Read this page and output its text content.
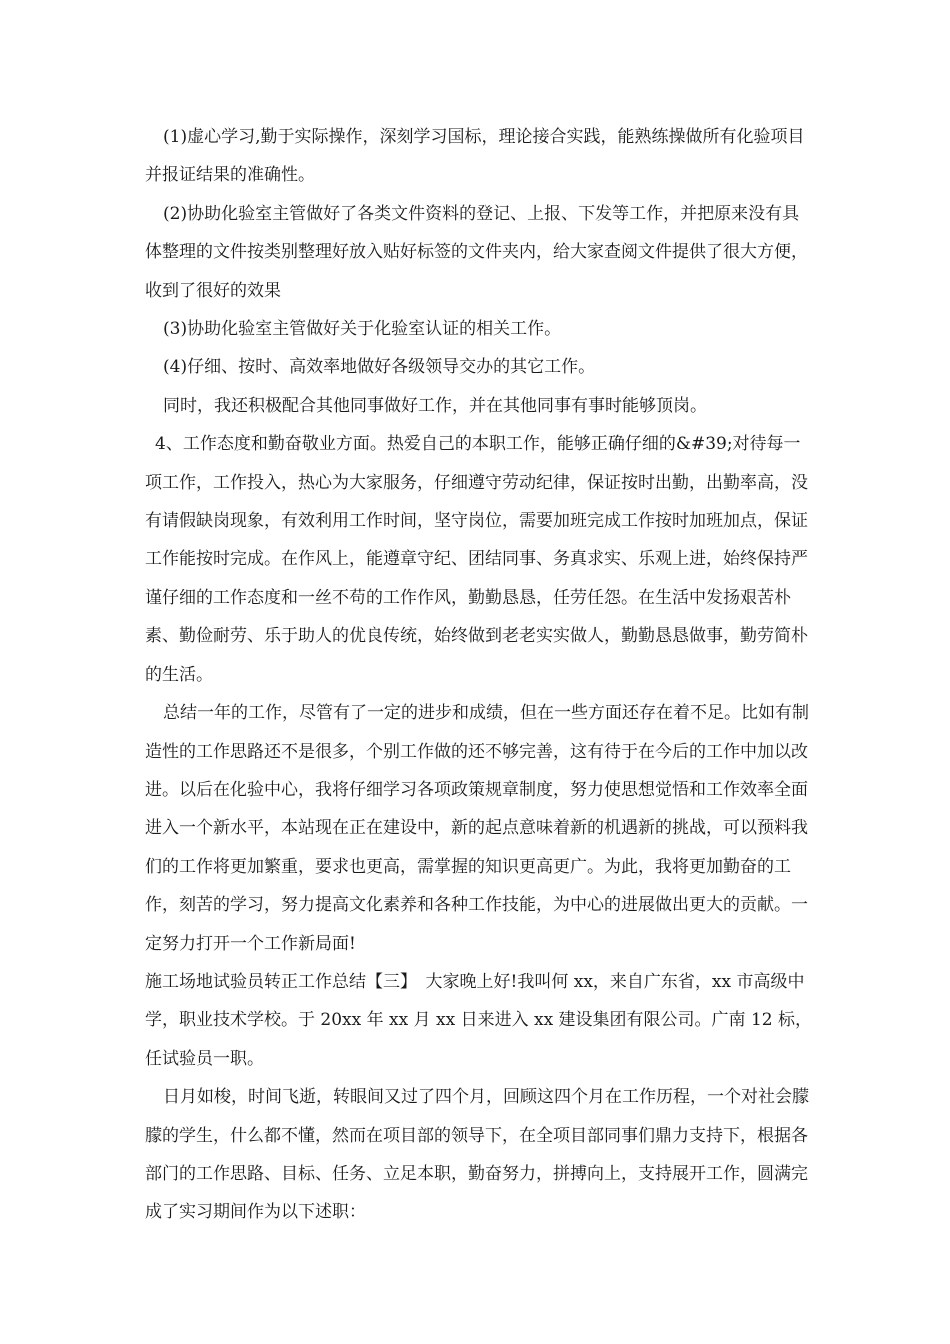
(1)虚心学习,勤于实际操作，深刻学习国标，理论接合实践，能熟练操做所有化验项目并报证结果的准确性。

(2)协助化验室主管做好了各类文件资料的登记、上报、下发等工作，并把原来没有具体整理的文件按类别整理好放入贴好标签的文件夹内，给大家查阅文件提供了很大方便，收到了很好的效果

(3)协助化验室主管做好关于化验室认证的相关工作。

(4)仔细、按时、高效率地做好各级领导交办的其它工作。

同时，我还积极配合其他同事做好工作，并在其他同事有事时能够顶岗。

4、工作态度和勤奋敬业方面。热爱自己的本职工作，能够正确仔细的&#39;对待每一项工作，工作投入，热心为大家服务，仔细遵守劳动纪律，保证按时出勤，出勤率高，没有请假缺岗现象，有效利用工作时间，坚守岗位，需要加班完成工作按时加班加点，保证工作能按时完成。在作风上，能遵章守纪、团结同事、务真求实、乐观上进，始终保持严谨仔细的工作态度和一丝不苟的工作作风，勤勤恳恳，任劳任怨。在生活中发扬艰苦朴素、勤俭耐劳、乐于助人的优良传统，始终做到老老实实做人，勤勤恳恳做事，勤劳简朴的生活。

总结一年的工作，尽管有了一定的进步和成绩，但在一些方面还存在着不足。比如有制造性的工作思路还不是很多，个别工作做的还不够完善，这有待于在今后的工作中加以改进。以后在化验中心，我将仔细学习各项政策规章制度，努力使思想觉悟和工作效率全面进入一个新水平，本站现在正在建设中，新的起点意味着新的机遇新的挑战，可以预料我们的工作将更加繁重，要求也更高，需掌握的知识更高更广。为此，我将更加勤奋的工作，刻苦的学习，努力提高文化素养和各种工作技能，为中心的进展做出更大的贡献。一定努力打开一个工作新局面!

施工场地试验员转正工作总结【三】　大家晚上好!我叫何 xx，来自广东省，xx 市高级中学，职业技术学校。于 20xx 年 xx 月 xx 日来进入 xx 建设集团有限公司。广南 12 标，任试验员一职。

日月如梭，时间飞逝，转眼间又过了四个月，回顾这四个月在工作历程，一个对社会朦朦的学生，什么都不懂，然而在项目部的领导下，在全项目部同事们鼎力支持下，根据各部门的工作思路、目标、任务、立足本职，勤奋努力，拼搏向上，支持展开工作，圆满完成了实习期间作为以下述职：
